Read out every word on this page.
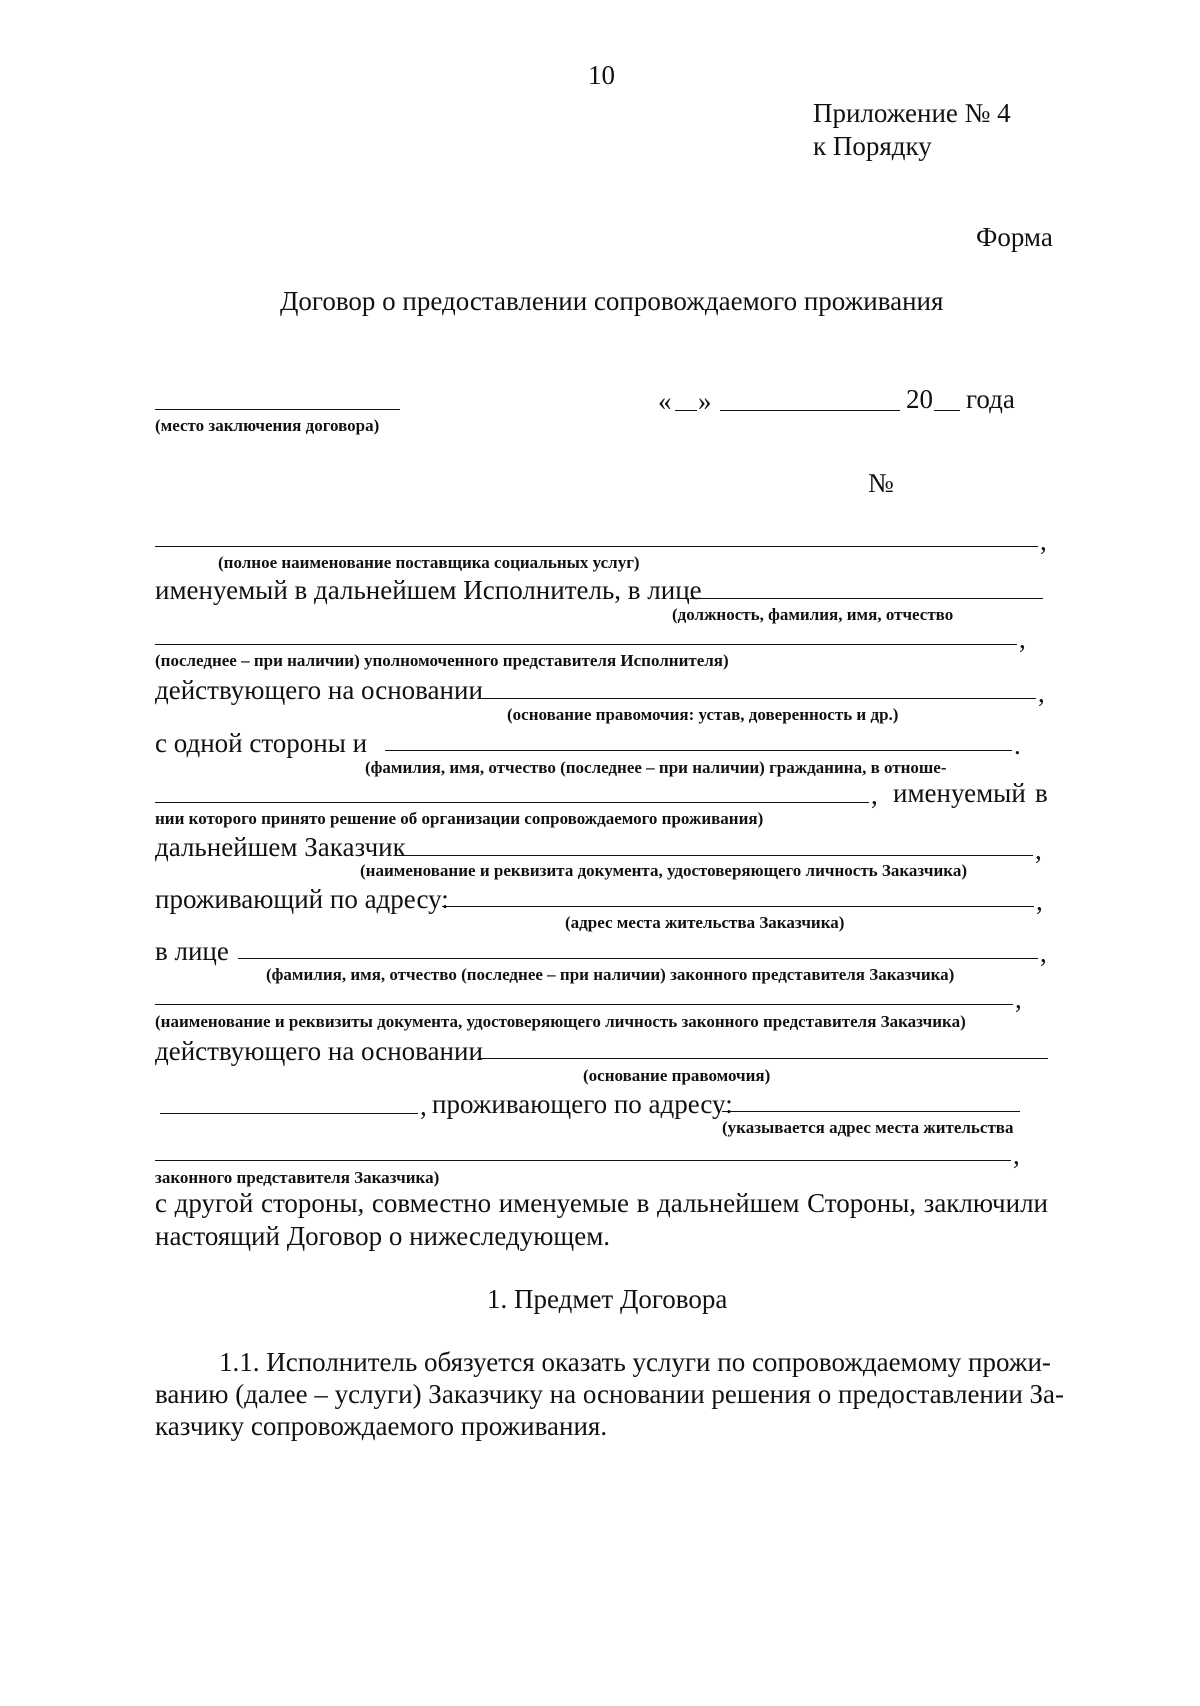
10
Приложение № 4
к Порядку
Форма
Договор о предоставлении сопровождаемого проживания
(место заключения договора)
« »	20 года
№
,
(полное наименование поставщика социальных услуг)
именуемый в дальнейшем Исполнитель, в лице
(должность, фамилия, имя, отчество
,
(последнее – при наличии) уполномоченного представителя Исполнителя)
действующего на основании	,
(основание правомочия: устав, доверенность и др.)
с одной стороны и	.
(фамилия, имя, отчество (последнее – при наличии) гражданина, в отноше-
, именуемый в
нии которого принято решение об организации сопровождаемого проживания)
дальнейшем Заказчик	,
(наименование и реквизита документа, удостоверяющего личность Заказчика)
проживающий по адресу:	,
(адрес места жительства Заказчика)
в лице	,
(фамилия, имя, отчество (последнее – при наличии) законного представителя Заказчика)
,
(наименование и реквизиты документа, удостоверяющего личность законного представителя Заказчика)
действующего на основании
(основание правомочия)
, проживающего по адресу:
(указывается адрес места жительства
,
законного представителя Заказчика)
с другой стороны, совместно именуемые в дальнейшем Стороны, заключили
настоящий Договор о нижеследующем.
1. Предмет Договора
1.1. Исполнитель обязуется оказать услуги по сопровождаемому прожи-
ванию (далее – услуги) Заказчику на основании решения о предоставлении За-
казчику сопровождаемого проживания.
